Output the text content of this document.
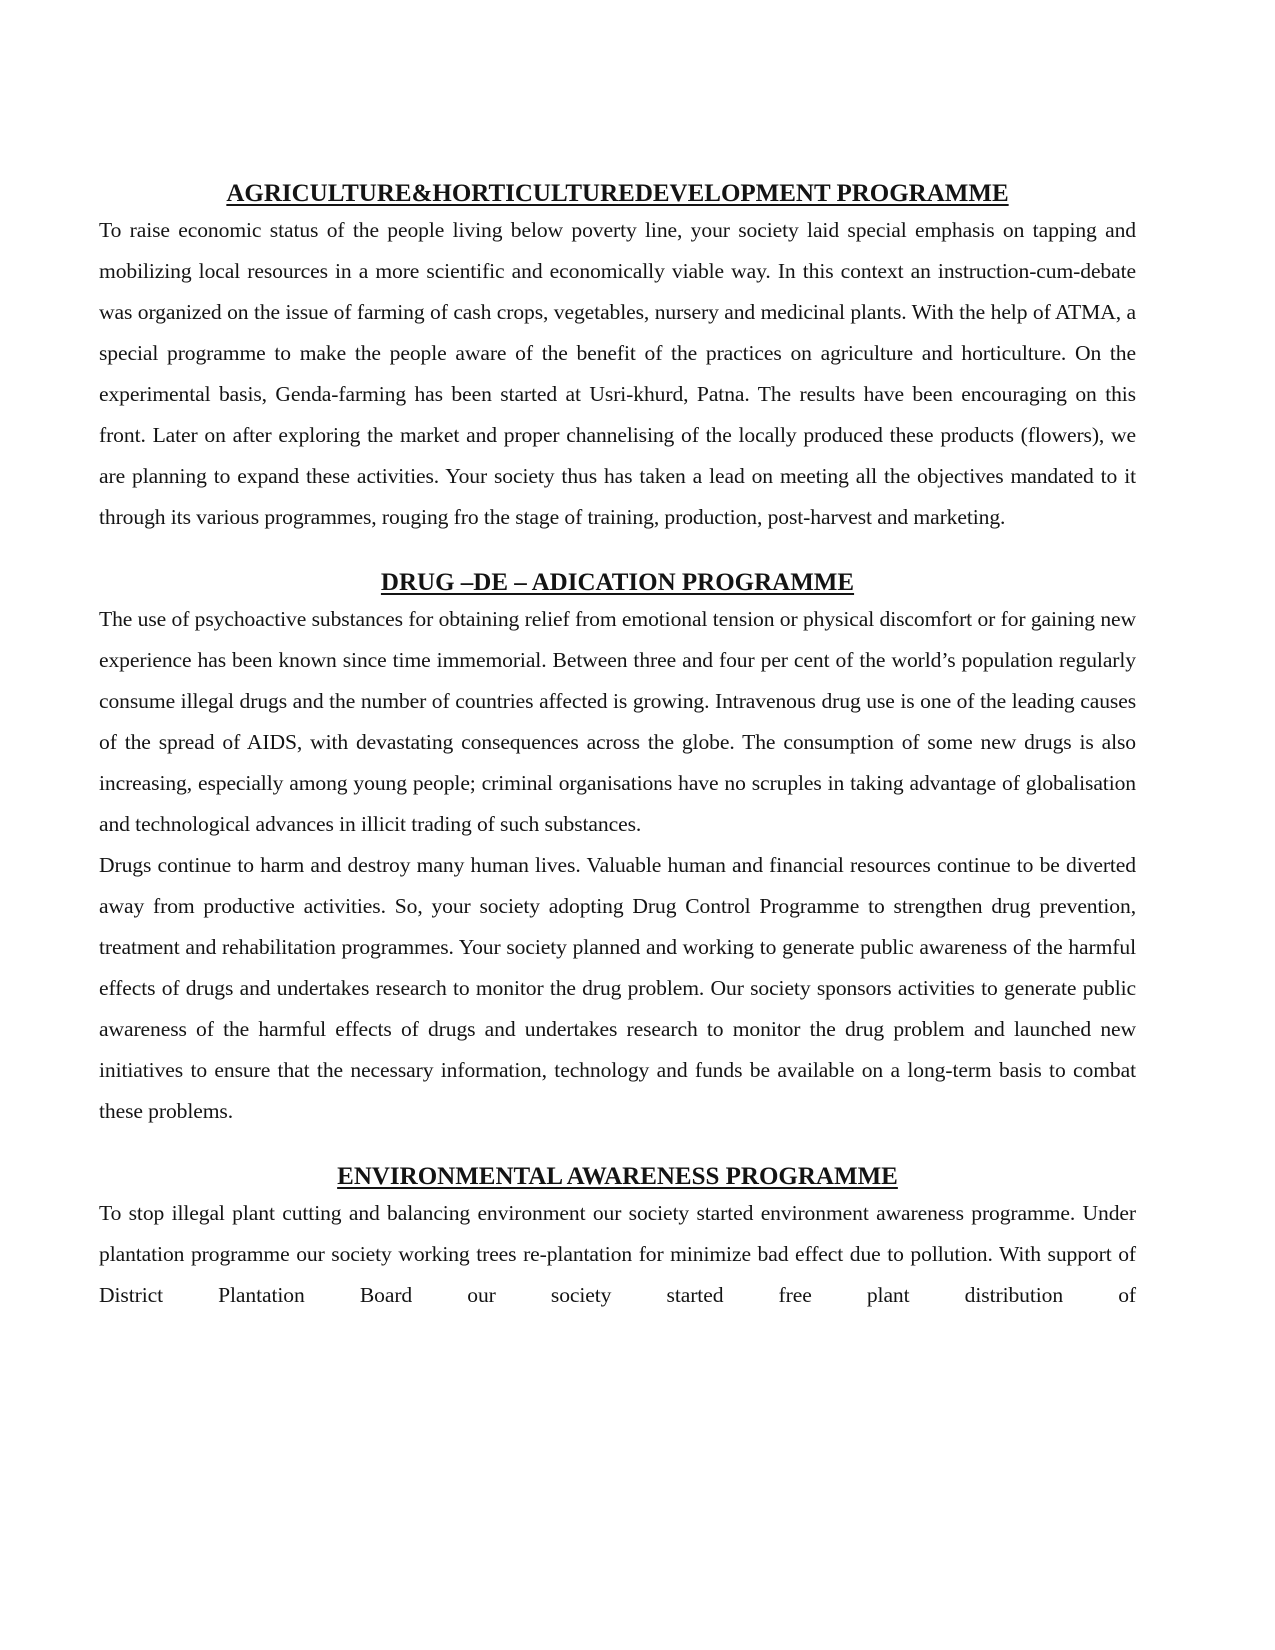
AGRICULTURE&HORTICULTUREDEVELOPMENT PROGRAMME

To raise economic status of the people living below poverty line, your society laid special emphasis on tapping and mobilizing local resources in a more scientific and economically viable way. In this context an instruction-cum-debate was organized on the issue of farming of cash crops, vegetables, nursery and medicinal plants. With the help of ATMA, a special programme to make the people aware of the benefit of the practices on agriculture and horticulture. On the experimental basis, Genda-farming has been started at Usri-khurd, Patna. The results have been encouraging on this front. Later on after exploring the market and proper channelising of the locally produced these products (flowers), we are planning to expand these activities. Your society thus has taken a lead on meeting all the objectives mandated to it through its various programmes, rouging fro the stage of training, production, post-harvest and marketing.

DRUG –DE – ADICATION PROGRAMME

The use of psychoactive substances for obtaining relief from emotional tension or physical discomfort or for gaining new experience has been known since time immemorial. Between three and four per cent of the world’s population regularly consume illegal drugs and the number of countries affected is growing. Intravenous drug use is one of the leading causes of the spread of AIDS, with devastating consequences across the globe. The consumption of some new drugs is also increasing, especially among young people; criminal organisations have no scruples in taking advantage of globalisation and technological advances in illicit trading of such substances.

Drugs continue to harm and destroy many human lives. Valuable human and financial resources continue to be diverted away from productive activities. So, your society adopting Drug Control Programme to strengthen drug prevention, treatment and rehabilitation programmes. Your society planned and working to generate public awareness of the harmful effects of drugs and undertakes research to monitor the drug problem. Our society sponsors activities to generate public awareness of the harmful effects of drugs and undertakes research to monitor the drug problem and launched new initiatives to ensure that the necessary information, technology and funds be available on a long-term basis to combat these problems.

ENVIRONMENTAL AWARENESS PROGRAMME

To stop illegal plant cutting and balancing environment our society started environment awareness programme. Under plantation programme our society working trees re-plantation for minimize bad effect due to pollution. With support of District Plantation Board our society started free plant distribution of
